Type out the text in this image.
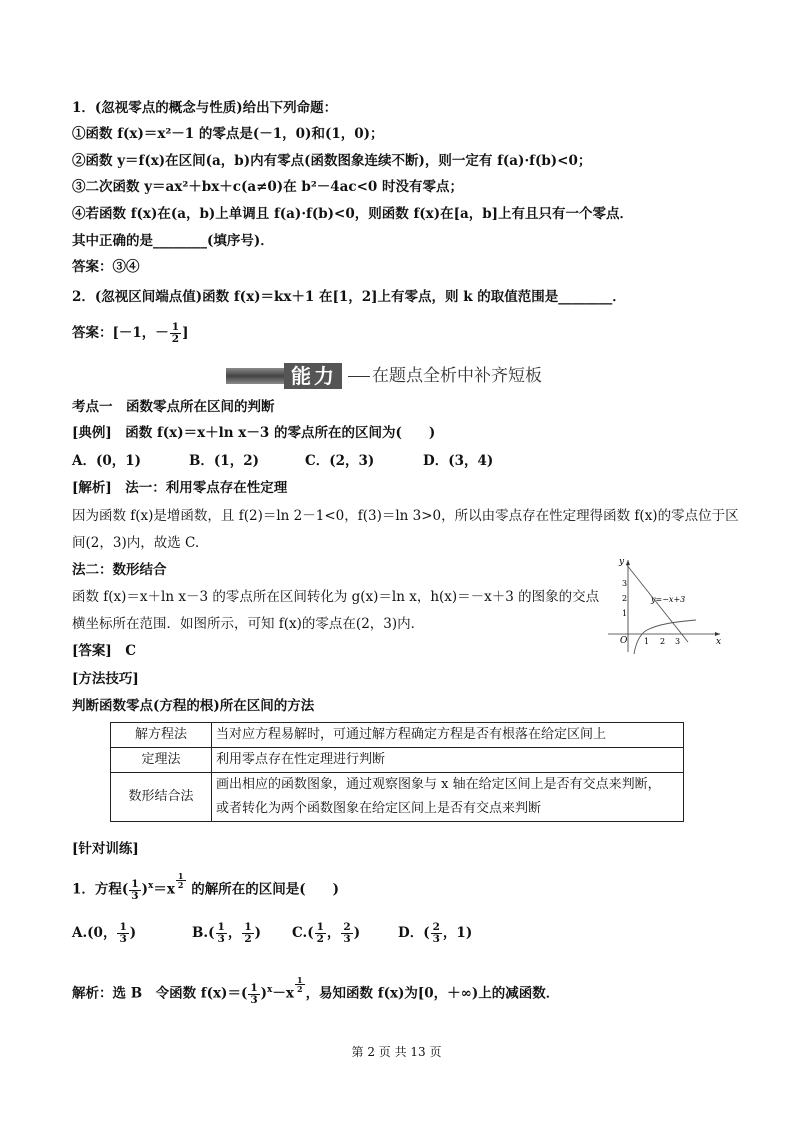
1．(忽视零点的概念与性质)给出下列命题：
①函数 f(x)＝x²－1 的零点是(－1，0)和(1，0)；
②函数 y＝f(x)在区间(a，b)内有零点(函数图象连续不断)，则一定有 f(a)·f(b)<0；
③二次函数 y＝ax²＋bx＋c(a≠0)在 b²－4ac<0 时没有零点；
④若函数 f(x)在(a，b)上单调且 f(a)·f(b)<0，则函数 f(x)在[a，b]上有且只有一个零点．
其中正确的是________(填序号)．
答案：③④
2．(忽视区间端点值)函数 f(x)＝kx＋1 在[1，2]上有零点，则 k 的取值范围是________．
答案：[－1，－ $\frac{1}{2}$ ]
能力 在题点全析中补齐短板
考点一　函数零点所在区间的判断
[典例]　函数 f(x)＝x＋ln x－3 的零点所在的区间为(　　)
A．(0，1)	B．(1，2)	C．(2，3)	D．(3，4)
[解析]　法一：利用零点存在性定理
因为函数 f(x)是增函数，且 f(2)＝ln 2－1<0，f(3)＝ln 3>0，所以由零点存在性定理得函数 f(x)的零点位于区
间(2，3)内，故选 C.
法二：数形结合
函数 f(x)＝x＋ln x－3 的零点所在区间转化为 g(x)＝ln x，h(x)＝－x＋3 的图象的交点
横坐标所在范围．如图所示，可知 f(x)的零点在(2，3)内．
[答案]　C
y
x
O
1
2
3
1 2 3
y=−x+3
[方法技巧]
判断函数零点(方程的根)所在区间的方法
解方程法	当对应方程易解时，可通过解方程确定方程是否有根落在给定区间上
定理法	利用零点存在性定理进行判断
数形结合法	画出相应的函数图象，通过观察图象与 x 轴在给定区间上是否有交点来判断，
或者转化为两个函数图象在给定区间上是否有交点来判断
[针对训练]
1．方程( $\frac{1}{3} )^x=x$
$^{\frac{1}{2}}$
的解所在的区间是(　　)
A.(0， $\frac{1}{3}$ )	$B.( \frac{1}{3}$ ， $\frac{1}{2}$ ) $C.( \frac{1}{2}$ ， $\frac{2}{3}$ )	D．( $\frac{2}{3}$ ，1)
解析：选 B　令函数 $f(x)=( \frac{1}{3} )^x-x$
$^{\frac{1}{2}}$
，易知函数 f(x)为[0，＋∞)上的减函数．
第 2 页 共 13 页
